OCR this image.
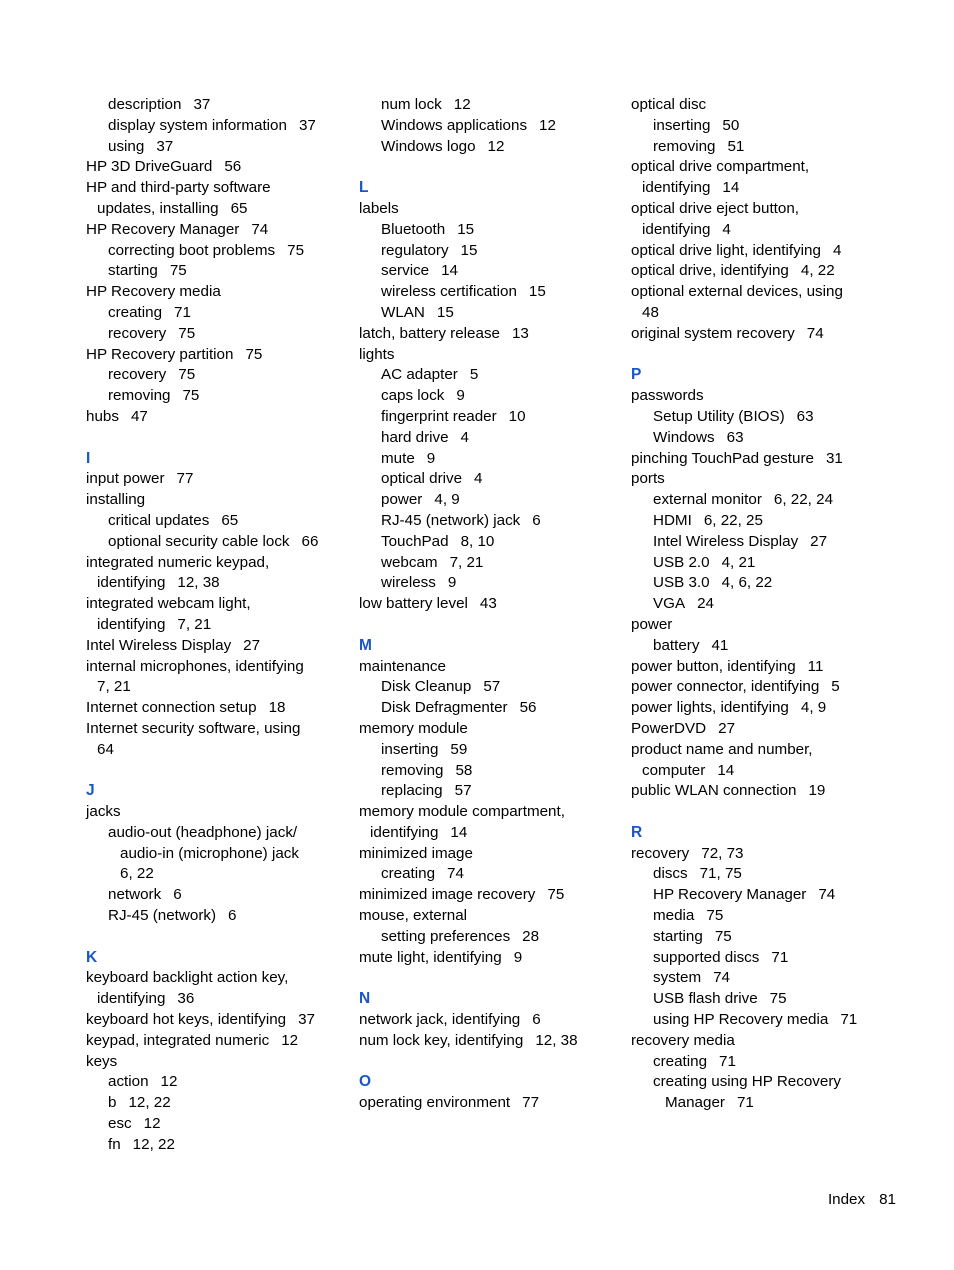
description 37
display system information 37
using 37
HP 3D DriveGuard 56
HP and third-party software
updates, installing 65
HP Recovery Manager 74
correcting boot problems 75
starting 75
HP Recovery media
creating 71
recovery 75
HP Recovery partition 75
recovery 75
removing 75
hubs 47
I
input power 77
installing
critical updates 65
optional security cable lock 66
integrated numeric keypad,
identifying 12, 38
integrated webcam light,
identifying 7, 21
Intel Wireless Display 27
internal microphones, identifying
7, 21
Internet connection setup 18
Internet security software, using
64
J
jacks
audio-out (headphone) jack/
audio-in (microphone) jack
6, 22
network 6
RJ-45 (network) 6
K
keyboard backlight action key,
identifying 36
keyboard hot keys, identifying 37
keypad, integrated numeric 12
keys
action 12
b 12, 22
esc 12
fn 12, 22
num lock 12
Windows applications 12
Windows logo 12
L
labels
Bluetooth 15
regulatory 15
service 14
wireless certification 15
WLAN 15
latch, battery release 13
lights
AC adapter 5
caps lock 9
fingerprint reader 10
hard drive 4
mute 9
optical drive 4
power 4, 9
RJ-45 (network) jack 6
TouchPad 8, 10
webcam 7, 21
wireless 9
low battery level 43
M
maintenance
Disk Cleanup 57
Disk Defragmenter 56
memory module
inserting 59
removing 58
replacing 57
memory module compartment,
identifying 14
minimized image
creating 74
minimized image recovery 75
mouse, external
setting preferences 28
mute light, identifying 9
N
network jack, identifying 6
num lock key, identifying 12, 38
O
operating environment 77
optical disc
inserting 50
removing 51
optical drive compartment,
identifying 14
optical drive eject button,
identifying 4
optical drive light, identifying 4
optical drive, identifying 4, 22
optional external devices, using
48
original system recovery 74
P
passwords
Setup Utility (BIOS) 63
Windows 63
pinching TouchPad gesture 31
ports
external monitor 6, 22, 24
HDMI 6, 22, 25
Intel Wireless Display 27
USB 2.0 4, 21
USB 3.0 4, 6, 22
VGA 24
power
battery 41
power button, identifying 11
power connector, identifying 5
power lights, identifying 4, 9
PowerDVD 27
product name and number,
computer 14
public WLAN connection 19
R
recovery 72, 73
discs 71, 75
HP Recovery Manager 74
media 75
starting 75
supported discs 71
system 74
USB flash drive 75
using HP Recovery media 71
recovery media
creating 71
creating using HP Recovery
Manager 71
Index 81
